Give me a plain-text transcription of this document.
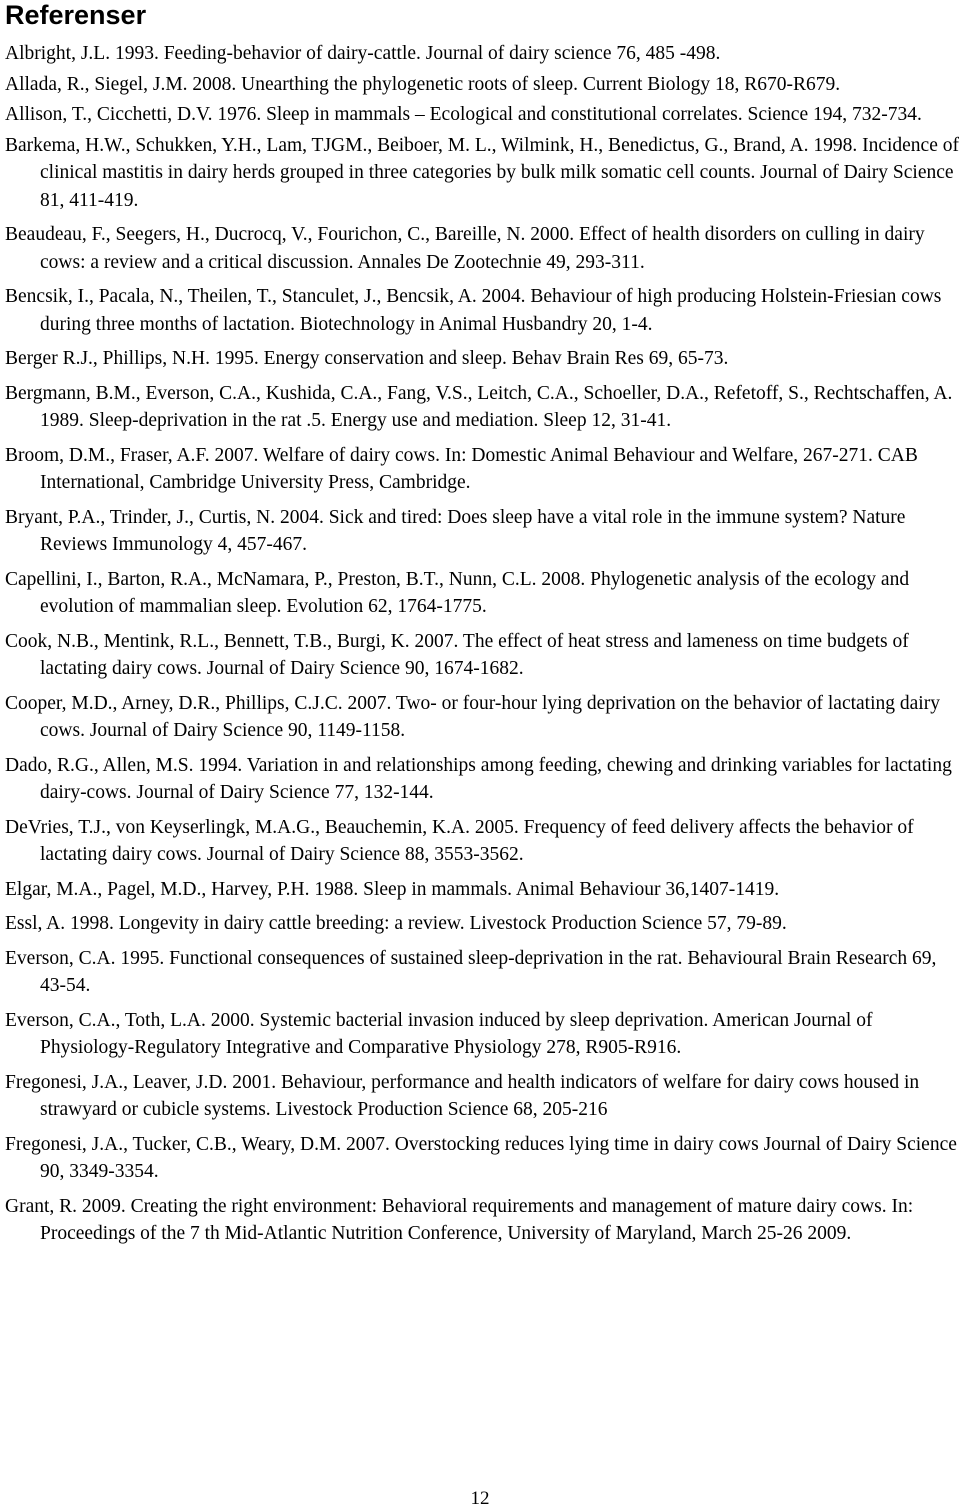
Referenser

Albright, J.L. 1993. Feeding-behavior of dairy-cattle. Journal of dairy science 76, 485 -498.

Allada, R., Siegel, J.M. 2008. Unearthing the phylogenetic roots of sleep. Current Biology 18, R670-R679.

Allison, T., Cicchetti, D.V. 1976. Sleep in mammals – Ecological and constitutional correlates. Science 194, 732-734.

Barkema, H.W., Schukken, Y.H., Lam, TJGM., Beiboer, M. L., Wilmink, H., Benedictus, G., Brand, A. 1998. Incidence of clinical mastitis in dairy herds grouped in three categories by bulk milk somatic cell counts. Journal of Dairy Science 81, 411-419.

Beaudeau, F., Seegers, H., Ducrocq, V., Fourichon, C., Bareille, N. 2000. Effect of health disorders on culling in dairy cows: a review and a critical discussion. Annales De Zootechnie 49, 293-311.

Bencsik, I., Pacala, N., Theilen, T., Stanculet, J., Bencsik, A. 2004. Behaviour of high producing Holstein-Friesian cows during three months of lactation. Biotechnology in Animal Husbandry 20, 1-4.

Berger R.J., Phillips, N.H. 1995. Energy conservation and sleep. Behav Brain Res 69, 65-73.

Bergmann, B.M., Everson, C.A., Kushida, C.A., Fang, V.S., Leitch, C.A., Schoeller, D.A., Refetoff, S., Rechtschaffen, A. 1989. Sleep-deprivation in the rat .5. Energy use and mediation. Sleep 12, 31-41.

Broom, D.M., Fraser, A.F. 2007. Welfare of dairy cows. In: Domestic Animal Behaviour and Welfare, 267-271. CAB International, Cambridge University Press, Cambridge.

Bryant, P.A., Trinder, J., Curtis, N. 2004. Sick and tired: Does sleep have a vital role in the immune system? Nature Reviews Immunology 4, 457-467.

Capellini, I., Barton, R.A., McNamara, P., Preston, B.T., Nunn, C.L. 2008. Phylogenetic analysis of the ecology and evolution of mammalian sleep. Evolution 62, 1764-1775.

Cook, N.B., Mentink, R.L., Bennett, T.B., Burgi, K. 2007. The effect of heat stress and lameness on time budgets of lactating dairy cows. Journal of Dairy Science 90, 1674-1682.

Cooper, M.D., Arney, D.R., Phillips, C.J.C. 2007. Two- or four-hour lying deprivation on the behavior of lactating dairy cows. Journal of Dairy Science 90, 1149-1158.

Dado, R.G., Allen, M.S. 1994. Variation in and relationships among feeding, chewing and drinking variables for lactating dairy-cows. Journal of Dairy Science 77, 132-144.

DeVries, T.J., von Keyserlingk, M.A.G., Beauchemin, K.A. 2005. Frequency of feed delivery affects the behavior of lactating dairy cows. Journal of Dairy Science 88, 3553-3562.

Elgar, M.A., Pagel, M.D., Harvey, P.H. 1988. Sleep in mammals. Animal Behaviour 36,1407-1419.

Essl, A. 1998. Longevity in dairy cattle breeding: a review. Livestock Production Science 57, 79-89.

Everson, C.A. 1995. Functional consequences of sustained sleep-deprivation in the rat. Behavioural Brain Research 69, 43-54.

Everson, C.A., Toth, L.A. 2000. Systemic bacterial invasion induced by sleep deprivation. American Journal of Physiology-Regulatory Integrative and Comparative Physiology 278, R905-R916.

Fregonesi, J.A., Leaver, J.D. 2001. Behaviour, performance and health indicators of welfare for dairy cows housed in strawyard or cubicle systems. Livestock Production Science 68, 205-216

Fregonesi, J.A., Tucker, C.B., Weary, D.M. 2007. Overstocking reduces lying time in dairy cows Journal of Dairy Science 90, 3349-3354.

Grant, R. 2009. Creating the right environment: Behavioral requirements and management of mature dairy cows. In: Proceedings of the 7 th Mid-Atlantic Nutrition Conference, University of Maryland, March 25-26 2009.

12
